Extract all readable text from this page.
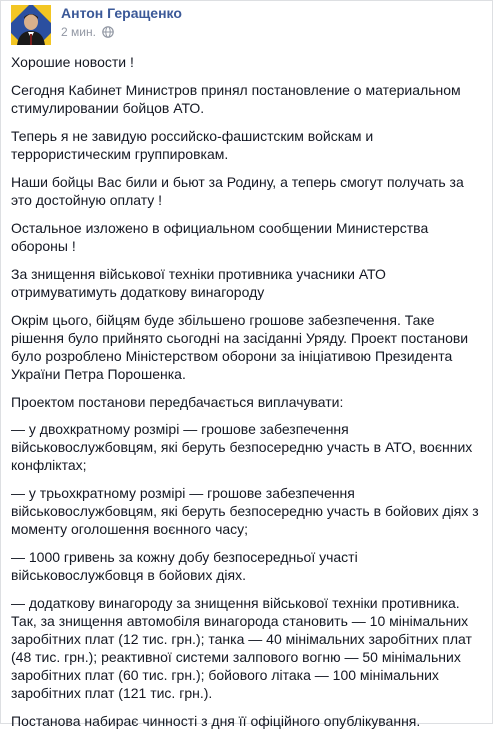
Антон Геращенко
2 мин.

Хорошие новости !

Сегодня Кабинет Министров принял постановление о материальном стимулировании бойцов АТО.

Теперь я не завидую российско-фашистским войскам и террористическим группировкам.

Наши бойцы Вас били и бьют за Родину, а теперь смогут получать за это достойную оплату !

Остальное изложено в официальном сообщении Министерства обороны !

За знищення військової техніки противника учасники АТО отримуватимуть додаткову винагороду

Окрім цього, бійцям буде збільшено грошове забезпечення. Таке рішення було прийнято сьогодні на засіданні Уряду. Проект постанови було розроблено Міністерством оборони за ініціативою Президента України Петра Порошенка.

Проектом постанови передбачається виплачувати:

— у двохкратному розмірі — грошове забезпечення військовослужбовцям, які беруть безпосередню участь в АТО, воєнних конфліктах;

— у трьохкратному розмірі — грошове забезпечення військовослужбовцям, які беруть безпосередню участь в бойових діях з моменту оголошення воєнного часу;

— 1000 гривень за кожну добу безпосередньої участі військовослужбовця в бойових діях.

— додаткову винагороду за знищення військової техніки противника. Так, за знищення автомобіля винагорода становить — 10 мінімальних заробітних плат (12 тис. грн.); танка — 40 мінімальних заробітних плат (48 тис. грн.); реактивної системи залпового вогню — 50 мінімальних заробітних плат (60 тис. грн.); бойового літака — 100 мінімальних заробітних плат (121 тис. грн.).

Постанова набирає чинності з дня її офіційного опублікування.
